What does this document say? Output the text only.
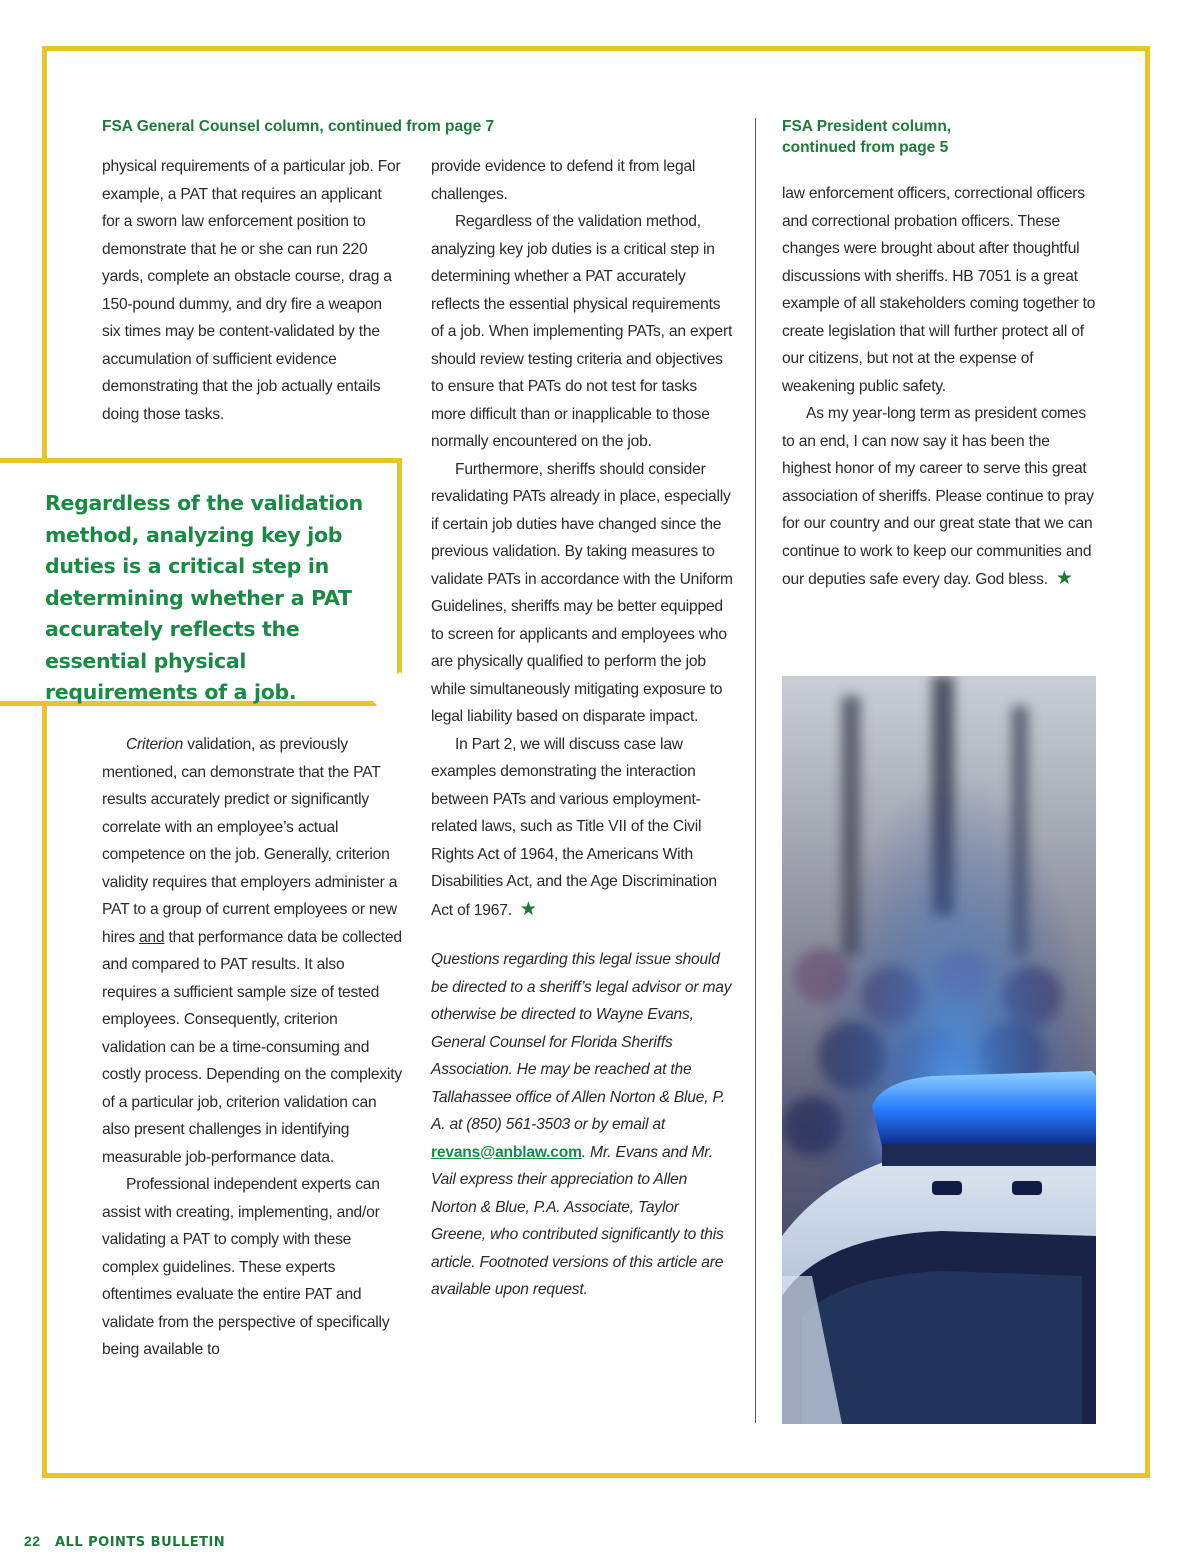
Regardless of the validation method, analyzing key job duties is a critical step in determining whether a PAT accurately reflects the essential physical requirements of a job.
FSA General Counsel column, continued from page 7

physical requirements of a particular job. For example, a PAT that requires an applicant for a sworn law enforcement position to demonstrate that he or she can run 220 yards, complete an obstacle course, drag a 150-pound dummy, and dry fire a weapon six times may be content-validated by the accumulation of sufficient evidence demonstrating that the job actually entails doing those tasks.

Criterion validation, as previously mentioned, can demonstrate that the PAT results accurately predict or significantly correlate with an employee’s actual competence on the job. Generally, criterion validity requires that employers administer a PAT to a group of current employees or new hires and that performance data be collected and compared to PAT results. It also requires a sufficient sample size of tested employees. Consequently, criterion validation can be a time-consuming and costly process. Depending on the complexity of a particular job, criterion validation can also present challenges in identifying measurable job-performance data.

Professional independent experts can assist with creating, implementing, and/or validating a PAT to comply with these complex guidelines. These experts oftentimes evaluate the entire PAT and validate from the perspective of specifically being available to

provide evidence to defend it from legal challenges.

Regardless of the validation method, analyzing key job duties is a critical step in determining whether a PAT accurately reflects the essential physical requirements of a job. When implementing PATs, an expert should review testing criteria and objectives to ensure that PATs do not test for tasks more difficult than or inapplicable to those normally encountered on the job.

Furthermore, sheriffs should consider revalidating PATs already in place, especially if certain job duties have changed since the previous validation. By taking measures to validate PATs in accordance with the Uniform Guidelines, sheriffs may be better equipped to screen for applicants and employees who are physically qualified to perform the job while simultaneously mitigating exposure to legal liability based on disparate impact.

In Part 2, we will discuss case law examples demonstrating the interaction between PATs and various employment-related laws, such as Title VII of the Civil Rights Act of 1964, the Americans With Disabilities Act, and the Age Discrimination Act of 1967. ★

Questions regarding this legal issue should be directed to a sheriff’s legal advisor or may otherwise be directed to Wayne Evans, General Counsel for Florida Sheriffs Association. He may be reached at the Tallahassee office of Allen Norton & Blue, P. A. at (850) 561-3503 or by email at revans@anblaw.com. Mr. Evans and Mr. Vail express their appreciation to Allen Norton & Blue, P.A. Associate, Taylor Greene, who contributed significantly to this article. Footnoted versions of this article are available upon request.

FSA President column,
continued from page 5

law enforcement officers, correctional officers and correctional probation officers. These changes were brought about after thoughtful discussions with sheriffs. HB 7051 is a great example of all stakeholders coming together to create legislation that will further protect all of our citizens, but not at the expense of weakening public safety.

As my year-long term as president comes to an end, I can now say it has been the highest honor of my career to serve this great association of sheriffs. Please continue to pray for our country and our great state that we can continue to work to keep our communities and our deputies safe every day. God bless. ★

22 ALL POINTS BULLETIN
